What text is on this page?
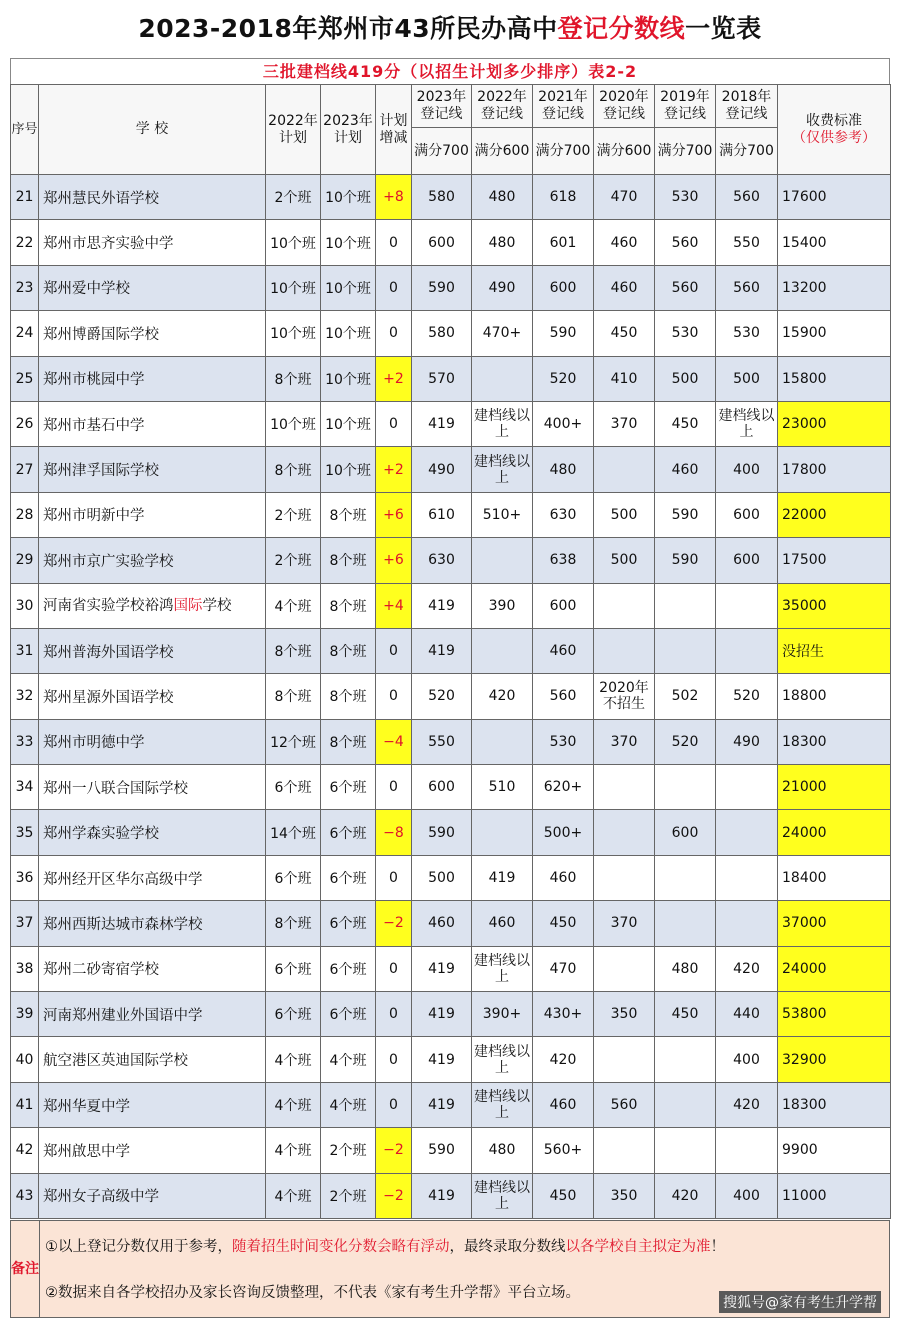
2023-2018年郑州市43所民办高中登记分数线一览表
三批建档线419分（以招生计划多少排序）表2-2
序号	学 校	2022年计划	2023年计划	计划增减	2023年登记线	2022年登记线	2021年登记线	2020年登记线	2019年登记线	2018年登记线	收费标准
（仅供参考）
					满分700	满分600	满分700	满分600	满分700	满分700	
21	郑州慧民外语学校	2个班	10个班	+8	580	480	618	470	530	560	17600
22	郑州市思齐实验中学	10个班	10个班	0	600	480	601	460	560	550	15400
23	郑州爱中学校	10个班	10个班	0	590	490	600	460	560	560	13200
24	郑州博爵国际学校	10个班	10个班	0	580	470+	590	450	530	530	15900
25	郑州市桃园中学	8个班	10个班	+2	570		520	410	500	500	15800
26	郑州市基石中学	10个班	10个班	0	419	建档线以上	400+	370	450	建档线以上	23000
27	郑州津孚国际学校	8个班	10个班	+2	490	建档线以上	480		460	400	17800
28	郑州市明新中学	2个班	8个班	+6	610	510+	630	500	590	600	22000
29	郑州市京广实验学校	2个班	8个班	+6	630		638	500	590	600	17500
30	河南省实验学校裕鸿国际学校	4个班	8个班	+4	419	390	600				35000
31	郑州普海外国语学校	8个班	8个班	0	419		460				没招生
32	郑州星源外国语学校	8个班	8个班	0	520	420	560	2020年不招生	502	520	18800
33	郑州市明德中学	12个班	8个班	−4	550		530	370	520	490	18300
34	郑州一八联合国际学校	6个班	6个班	0	600	510	620+				21000
35	郑州学森实验学校	14个班	6个班	−8	590		500+		600		24000
36	郑州经开区华尔高级中学	6个班	6个班	0	500	419	460				18400
37	郑州西斯达城市森林学校	8个班	6个班	−2	460	460	450	370			37000
38	郑州二砂寄宿学校	6个班	6个班	0	419	建档线以上	470		480	420	24000
39	河南郑州建业外国语中学	6个班	6个班	0	419	390+	430+	350	450	440	53800
40	航空港区英迪国际学校	4个班	4个班	0	419	建档线以上	420			400	32900
41	郑州华夏中学	4个班	4个班	0	419	建档线以上	460	560		420	18300
42	郑州啟思中学	4个班	2个班	−2	590	480	560+				9900
43	郑州女子高级中学	4个班	2个班	−2	419	建档线以上	450	350	420	400	11000
备注
①以上登记分数仅用于参考，随着招生时间变化分数会略有浮动，最终录取分数线以各学校自主拟定为准！
②数据来自各学校招办及家长咨询反馈整理，不代表《家有考生升学帮》平台立场。
搜狐号@家有考生升学帮
